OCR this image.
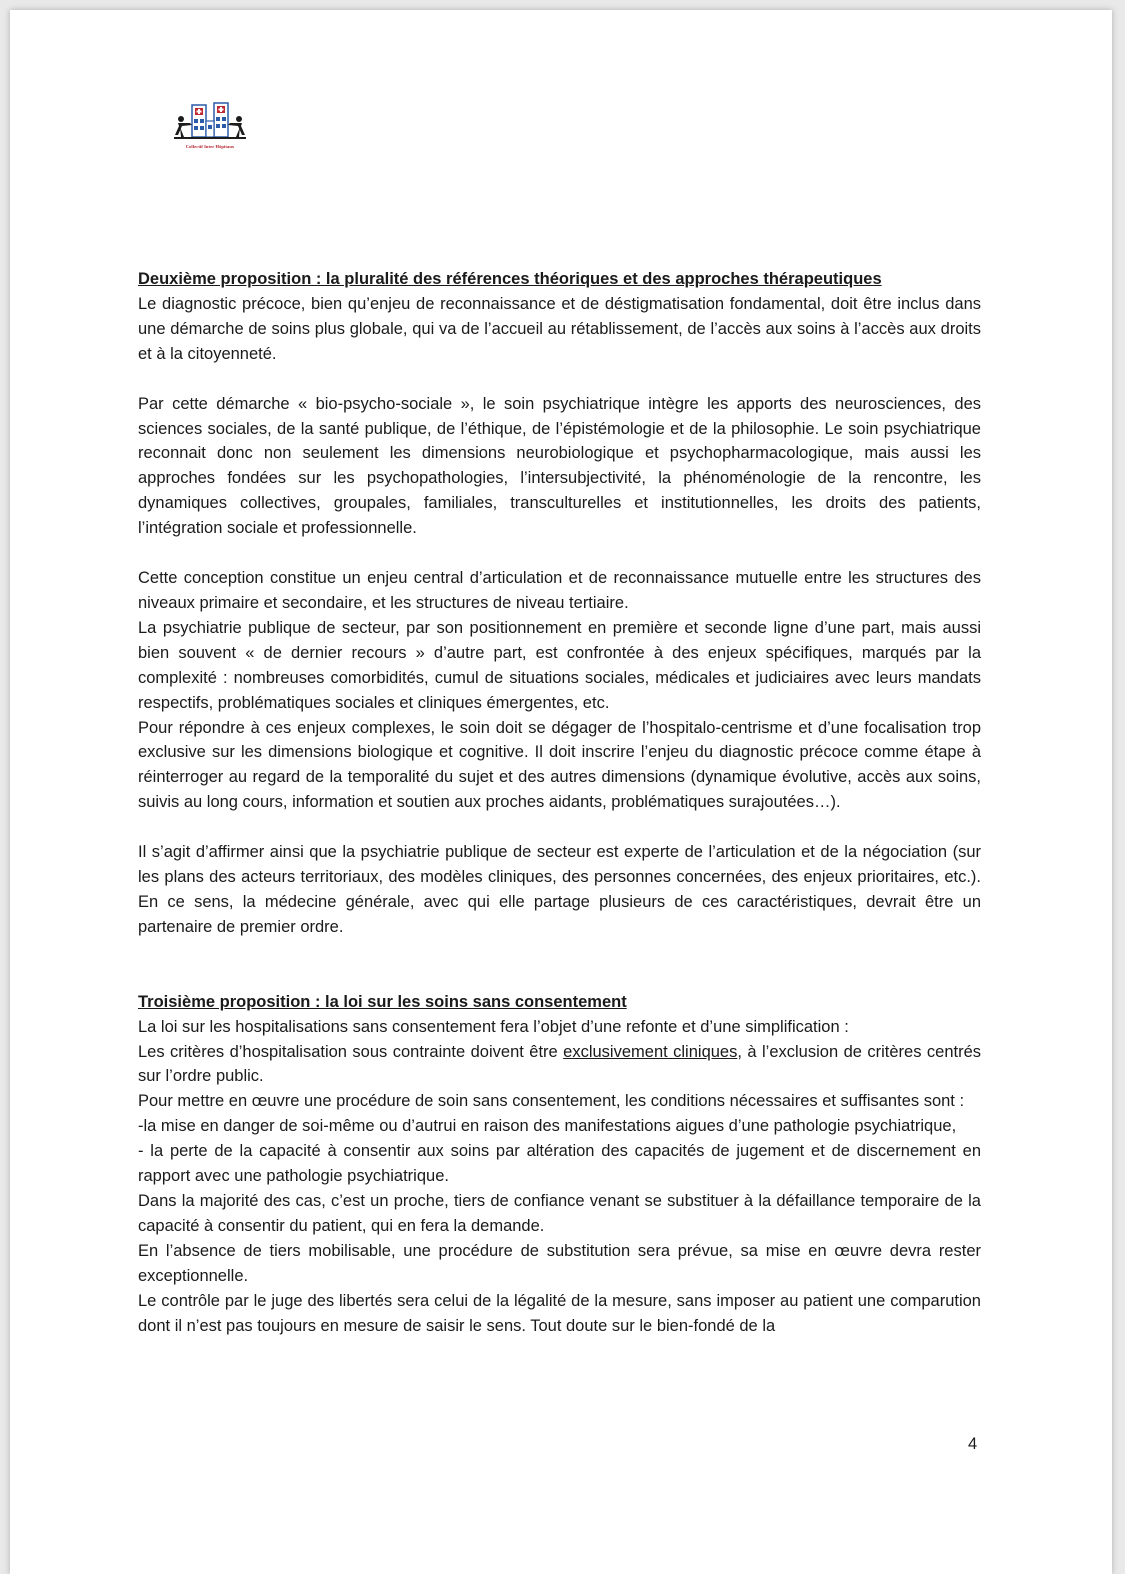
Collectif Inter Hôpitaux
Deuxième proposition : la pluralité des références théoriques et des approches thérapeutiques

Le diagnostic précoce, bien qu’enjeu de reconnaissance et de déstigmatisation fondamental, doit être inclus dans une démarche de soins plus globale, qui va de l’accueil au rétablissement, de l’accès aux soins à l’accès aux droits et à la citoyenneté.

Par cette démarche « bio-psycho-sociale », le soin psychiatrique intègre les apports des neurosciences, des sciences sociales, de la santé publique, de l’éthique, de l’épistémologie et de la philosophie. Le soin psychiatrique reconnait donc non seulement les dimensions neurobiologique et psychopharmacologique, mais aussi les approches fondées sur les psychopathologies, l’intersubjectivité, la phénoménologie de la rencontre, les dynamiques collectives, groupales, familiales, transculturelles et institutionnelles, les droits des patients, l’intégration sociale et professionnelle.

Cette conception constitue un enjeu central d’articulation et de reconnaissance mutuelle entre les structures des niveaux primaire et secondaire, et les structures de niveau tertiaire.

La psychiatrie publique de secteur, par son positionnement en première et seconde ligne d’une part, mais aussi bien souvent « de dernier recours » d’autre part, est confrontée à des enjeux spécifiques, marqués par la complexité : nombreuses comorbidités, cumul de situations sociales, médicales et judiciaires avec leurs mandats respectifs, problématiques sociales et cliniques émergentes, etc.

Pour répondre à ces enjeux complexes, le soin doit se dégager de l’hospitalo-centrisme et d’une focalisation trop exclusive sur les dimensions biologique et cognitive. Il doit inscrire l’enjeu du diagnostic précoce comme étape à réinterroger au regard de la temporalité du sujet et des autres dimensions (dynamique évolutive, accès aux soins, suivis au long cours, information et soutien aux proches aidants, problématiques surajoutées…).

Il s’agit d’affirmer ainsi que la psychiatrie publique de secteur est experte de l’articulation et de la négociation (sur les plans des acteurs territoriaux, des modèles cliniques, des personnes concernées, des enjeux prioritaires, etc.). En ce sens, la médecine générale, avec qui elle partage plusieurs de ces caractéristiques, devrait être un partenaire de premier ordre.

Troisième proposition : la loi sur les soins sans consentement

La loi sur les hospitalisations sans consentement fera l’objet d’une refonte et d’une simplification :

Les critères d’hospitalisation sous contrainte doivent être exclusivement cliniques, à l’exclusion de critères centrés sur l’ordre public.

Pour mettre en œuvre une procédure de soin sans consentement, les conditions nécessaires et suffisantes sont :

-la mise en danger de soi-même ou d’autrui en raison des manifestations aigues d’une pathologie psychiatrique,

- la perte de la capacité à consentir aux soins par altération des capacités de jugement et de discernement en rapport avec une pathologie psychiatrique.

Dans la majorité des cas, c’est un proche, tiers de confiance venant se substituer à la défaillance temporaire de la capacité à consentir du patient, qui en fera la demande.

En l’absence de tiers mobilisable, une procédure de substitution sera prévue, sa mise en œuvre devra rester exceptionnelle.

Le contrôle par le juge des libertés sera celui de la légalité de la mesure, sans imposer au patient une comparution dont il n’est pas toujours en mesure de saisir le sens. Tout doute sur le bien-fondé de la

4
